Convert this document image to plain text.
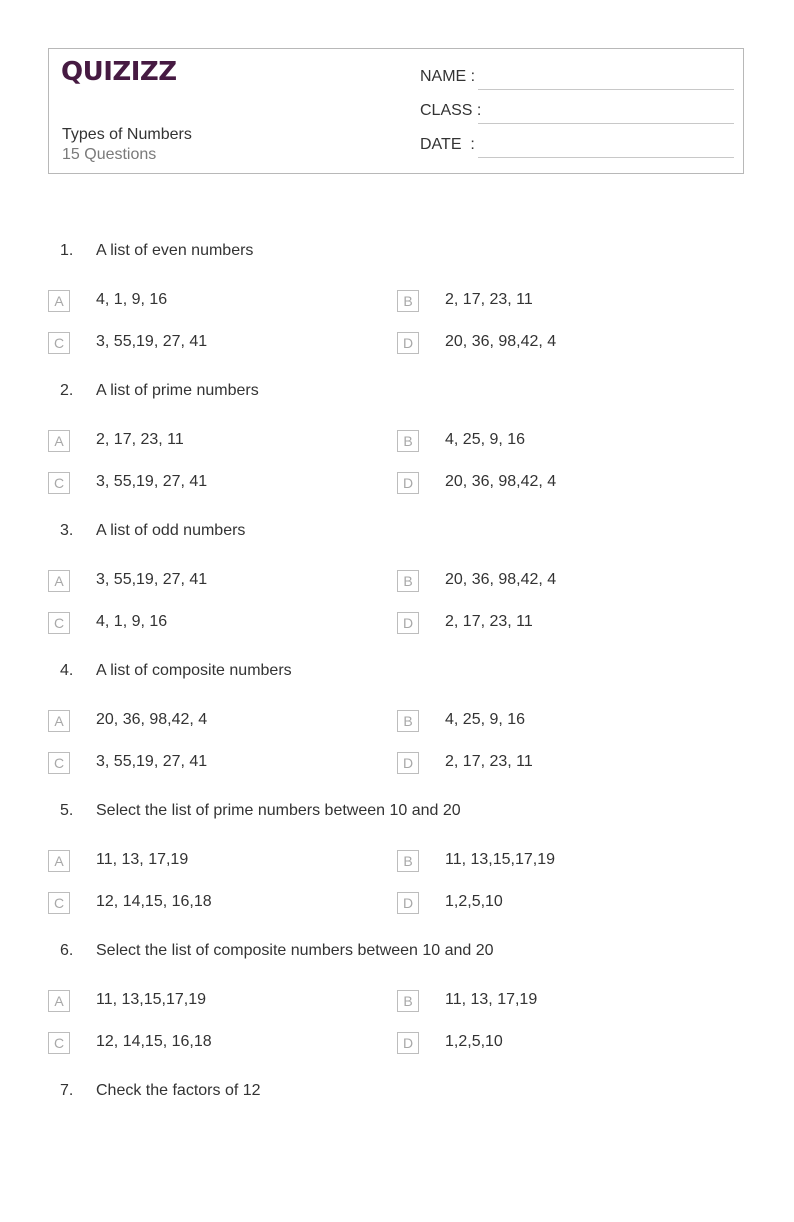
QUIZIZZ
Types of Numbers
15 Questions
NAME :
CLASS :
DATE  :
1. A list of even numbers
A	4, 1, 9, 16	B	2, 17, 23, 11
C	3, 55,19, 27, 41	D	20, 36, 98,42, 4
2. A list of prime numbers
A	2, 17, 23, 11	B	4, 25, 9, 16
C	3, 55,19, 27, 41	D	20, 36, 98,42, 4
3. A list of odd numbers
A	3, 55,19, 27, 41	B	20, 36, 98,42, 4
C	4, 1, 9, 16	D	2, 17, 23, 11
4. A list of composite numbers
A	20, 36, 98,42, 4	B	4, 25, 9, 16
C	3, 55,19, 27, 41	D	2, 17, 23, 11
5. Select the list of prime numbers between 10 and 20
A	11, 13, 17,19	B	11, 13,15,17,19
C	12, 14,15, 16,18	D	1,2,5,10
6. Select the list of composite numbers between 10 and 20
A	11, 13,15,17,19	B	11, 13, 17,19
C	12, 14,15, 16,18	D	1,2,5,10
7. Check the factors of 12
